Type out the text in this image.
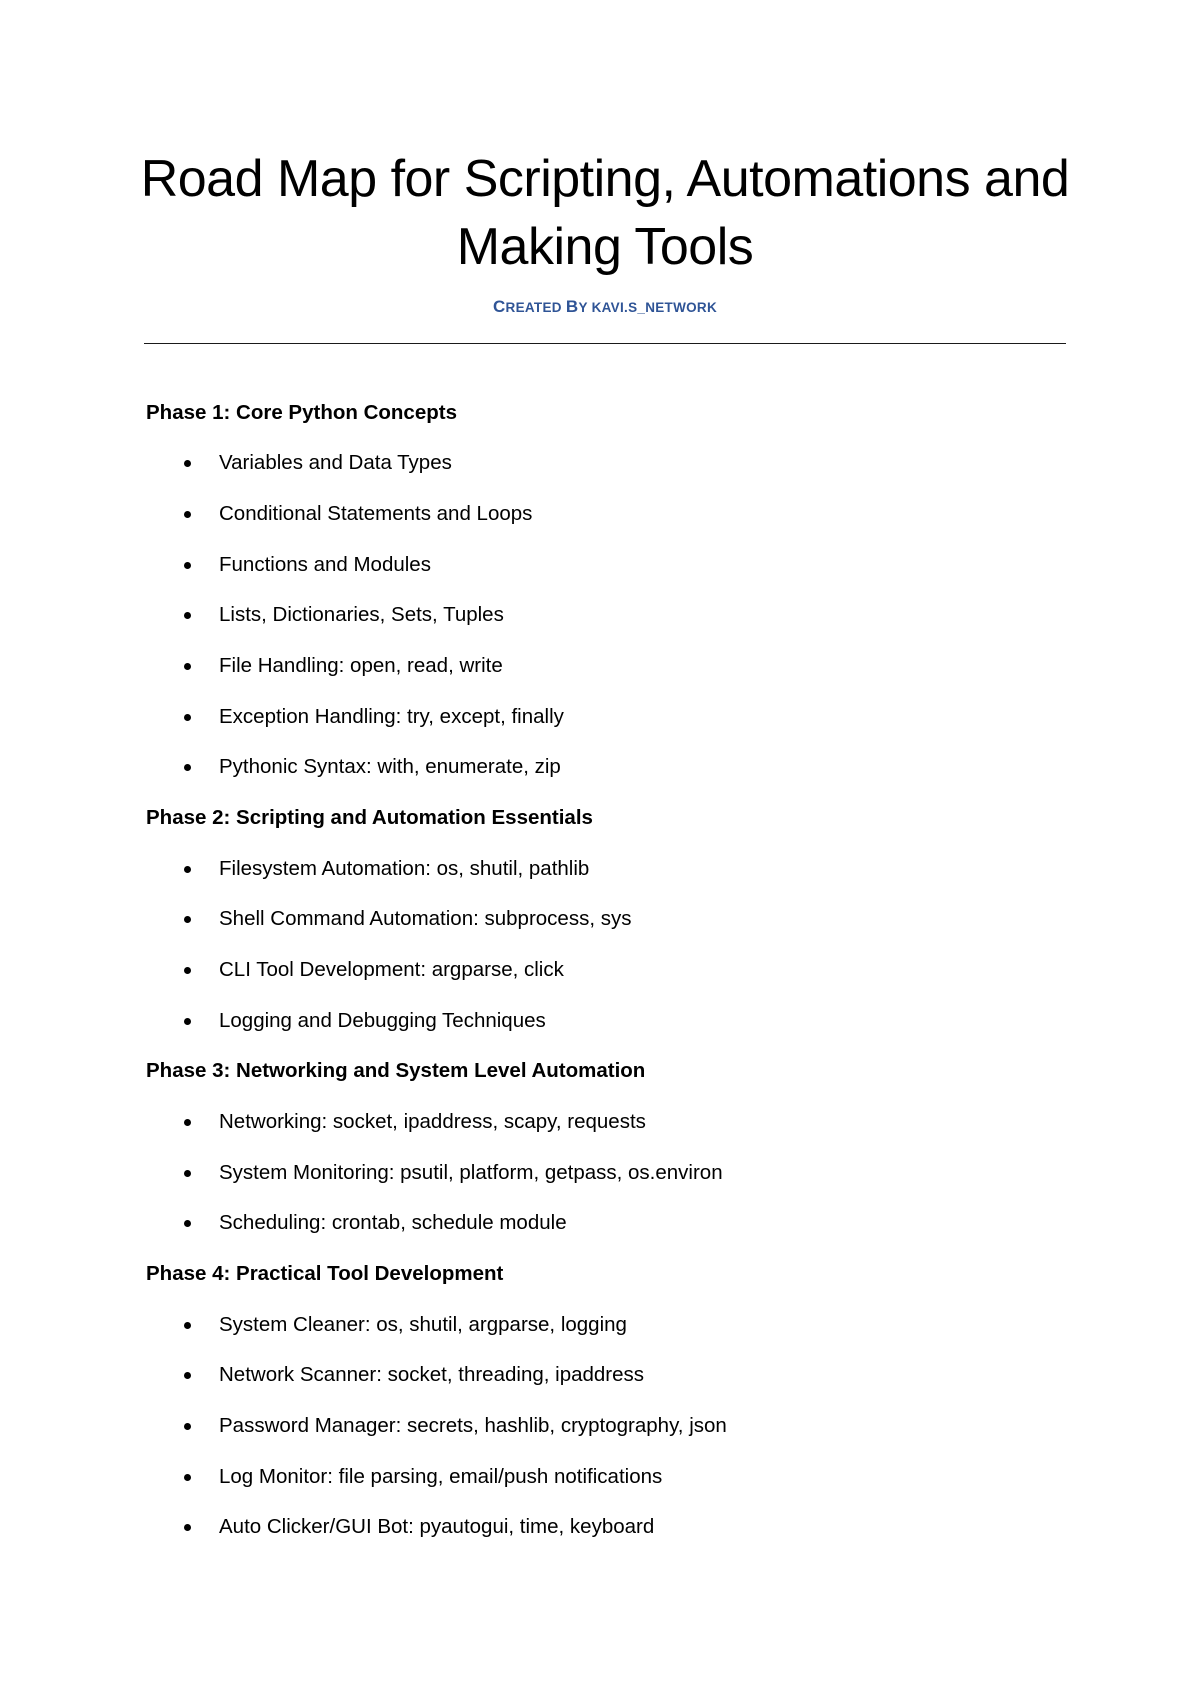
Road Map for Scripting, Automations and
Making Tools
CREATED BY KAVI.S_NETWORK
Phase 1: Core Python Concepts
Variables and Data Types
Conditional Statements and Loops
Functions and Modules
Lists, Dictionaries, Sets, Tuples
File Handling: open, read, write
Exception Handling: try, except, finally
Pythonic Syntax: with, enumerate, zip
Phase 2: Scripting and Automation Essentials
Filesystem Automation: os, shutil, pathlib
Shell Command Automation: subprocess, sys
CLI Tool Development: argparse, click
Logging and Debugging Techniques
Phase 3: Networking and System Level Automation
Networking: socket, ipaddress, scapy, requests
System Monitoring: psutil, platform, getpass, os.environ
Scheduling: crontab, schedule module
Phase 4: Practical Tool Development
System Cleaner: os, shutil, argparse, logging
Network Scanner: socket, threading, ipaddress
Password Manager: secrets, hashlib, cryptography, json
Log Monitor: file parsing, email/push notifications
Auto Clicker/GUI Bot: pyautogui, time, keyboard
